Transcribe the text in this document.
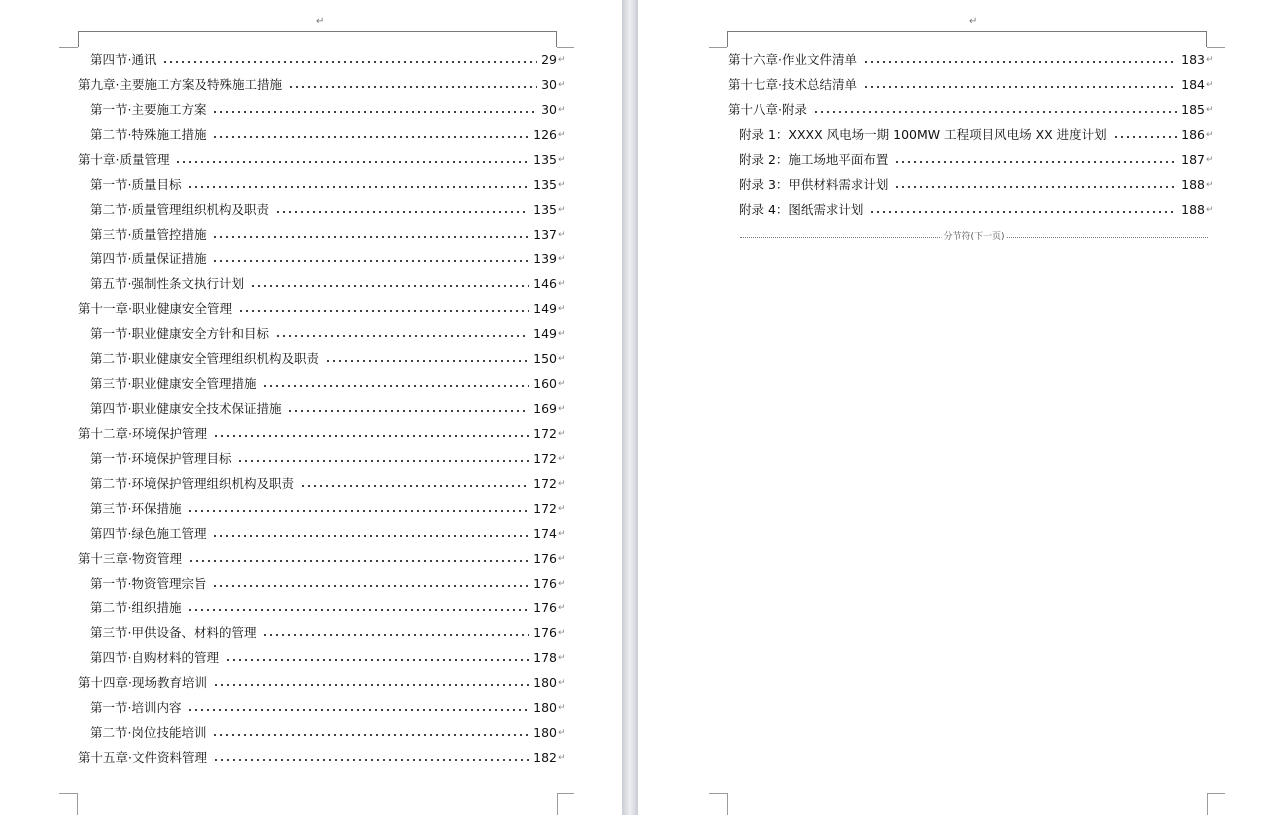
↵
第四节·通讯	29 ↵
第九章·主要施工方案及特殊施工措施	30 ↵
第一节·主要施工方案	30 ↵
第二节·特殊施工措施	126 ↵
第十章·质量管理	135 ↵
第一节·质量目标	135 ↵
第二节·质量管理组织机构及职责	135 ↵
第三节·质量管控措施	137 ↵
第四节·质量保证措施	139 ↵
第五节·强制性条文执行计划	146 ↵
第十一章·职业健康安全管理	149 ↵
第一节·职业健康安全方针和目标	149 ↵
第二节·职业健康安全管理组织机构及职责	150 ↵
第三节·职业健康安全管理措施	160 ↵
第四节·职业健康安全技术保证措施	169 ↵
第十二章·环境保护管理	172 ↵
第一节·环境保护管理目标	172 ↵
第二节·环境保护管理组织机构及职责	172 ↵
第三节·环保措施	172 ↵
第四节·绿色施工管理	174 ↵
第十三章·物资管理	176 ↵
第一节·物资管理宗旨	176 ↵
第二节·组织措施	176 ↵
第三节·甲供设备、材料的管理	176 ↵
第四节·自购材料的管理	178 ↵
第十四章·现场教育培训	180 ↵
第一节·培训内容	180 ↵
第二节·岗位技能培训	180 ↵
第十五章·文件资料管理	182 ↵
↵
第十六章·作业文件清单	183 ↵
第十七章·技术总结清单	184 ↵
第十八章·附录	185 ↵
附录 1：XXXX 风电场一期 100MW 工程项目风电场 XX 进度计划	186 ↵
附录 2：施工场地平面布置	187 ↵
附录 3：甲供材料需求计划	188 ↵
附录 4：图纸需求计划	188 ↵
分节符(下一页)
